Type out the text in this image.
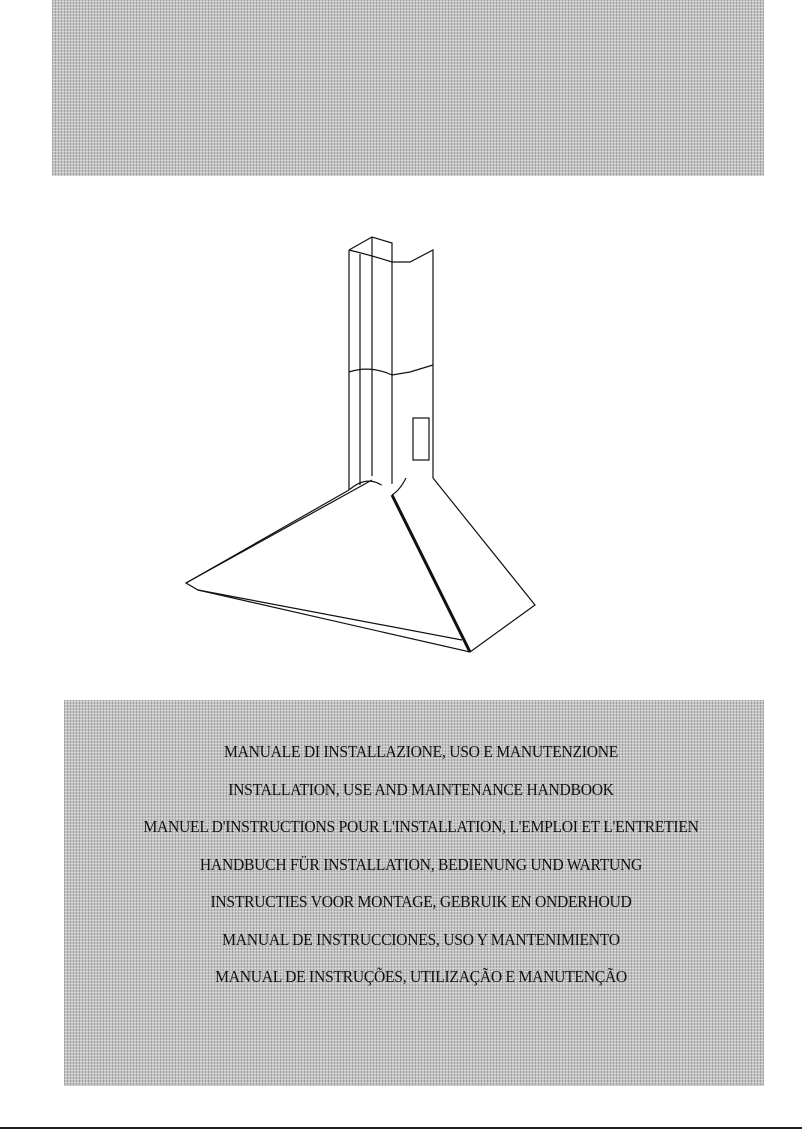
MANUALE DI INSTALLAZIONE, USO E MANUTENZIONE
INSTALLATION, USE AND MAINTENANCE HANDBOOK
MANUEL D'INSTRUCTIONS POUR L'INSTALLATION, L'EMPLOI ET L'ENTRETIEN
HANDBUCH FÜR INSTALLATION, BEDIENUNG UND WARTUNG
INSTRUCTIES VOOR MONTAGE, GEBRUIK EN ONDERHOUD
MANUAL DE INSTRUCCIONES, USO Y MANTENIMIENTO
MANUAL DE INSTRUÇÕES, UTILIZAÇÃO E MANUTENÇÃO
